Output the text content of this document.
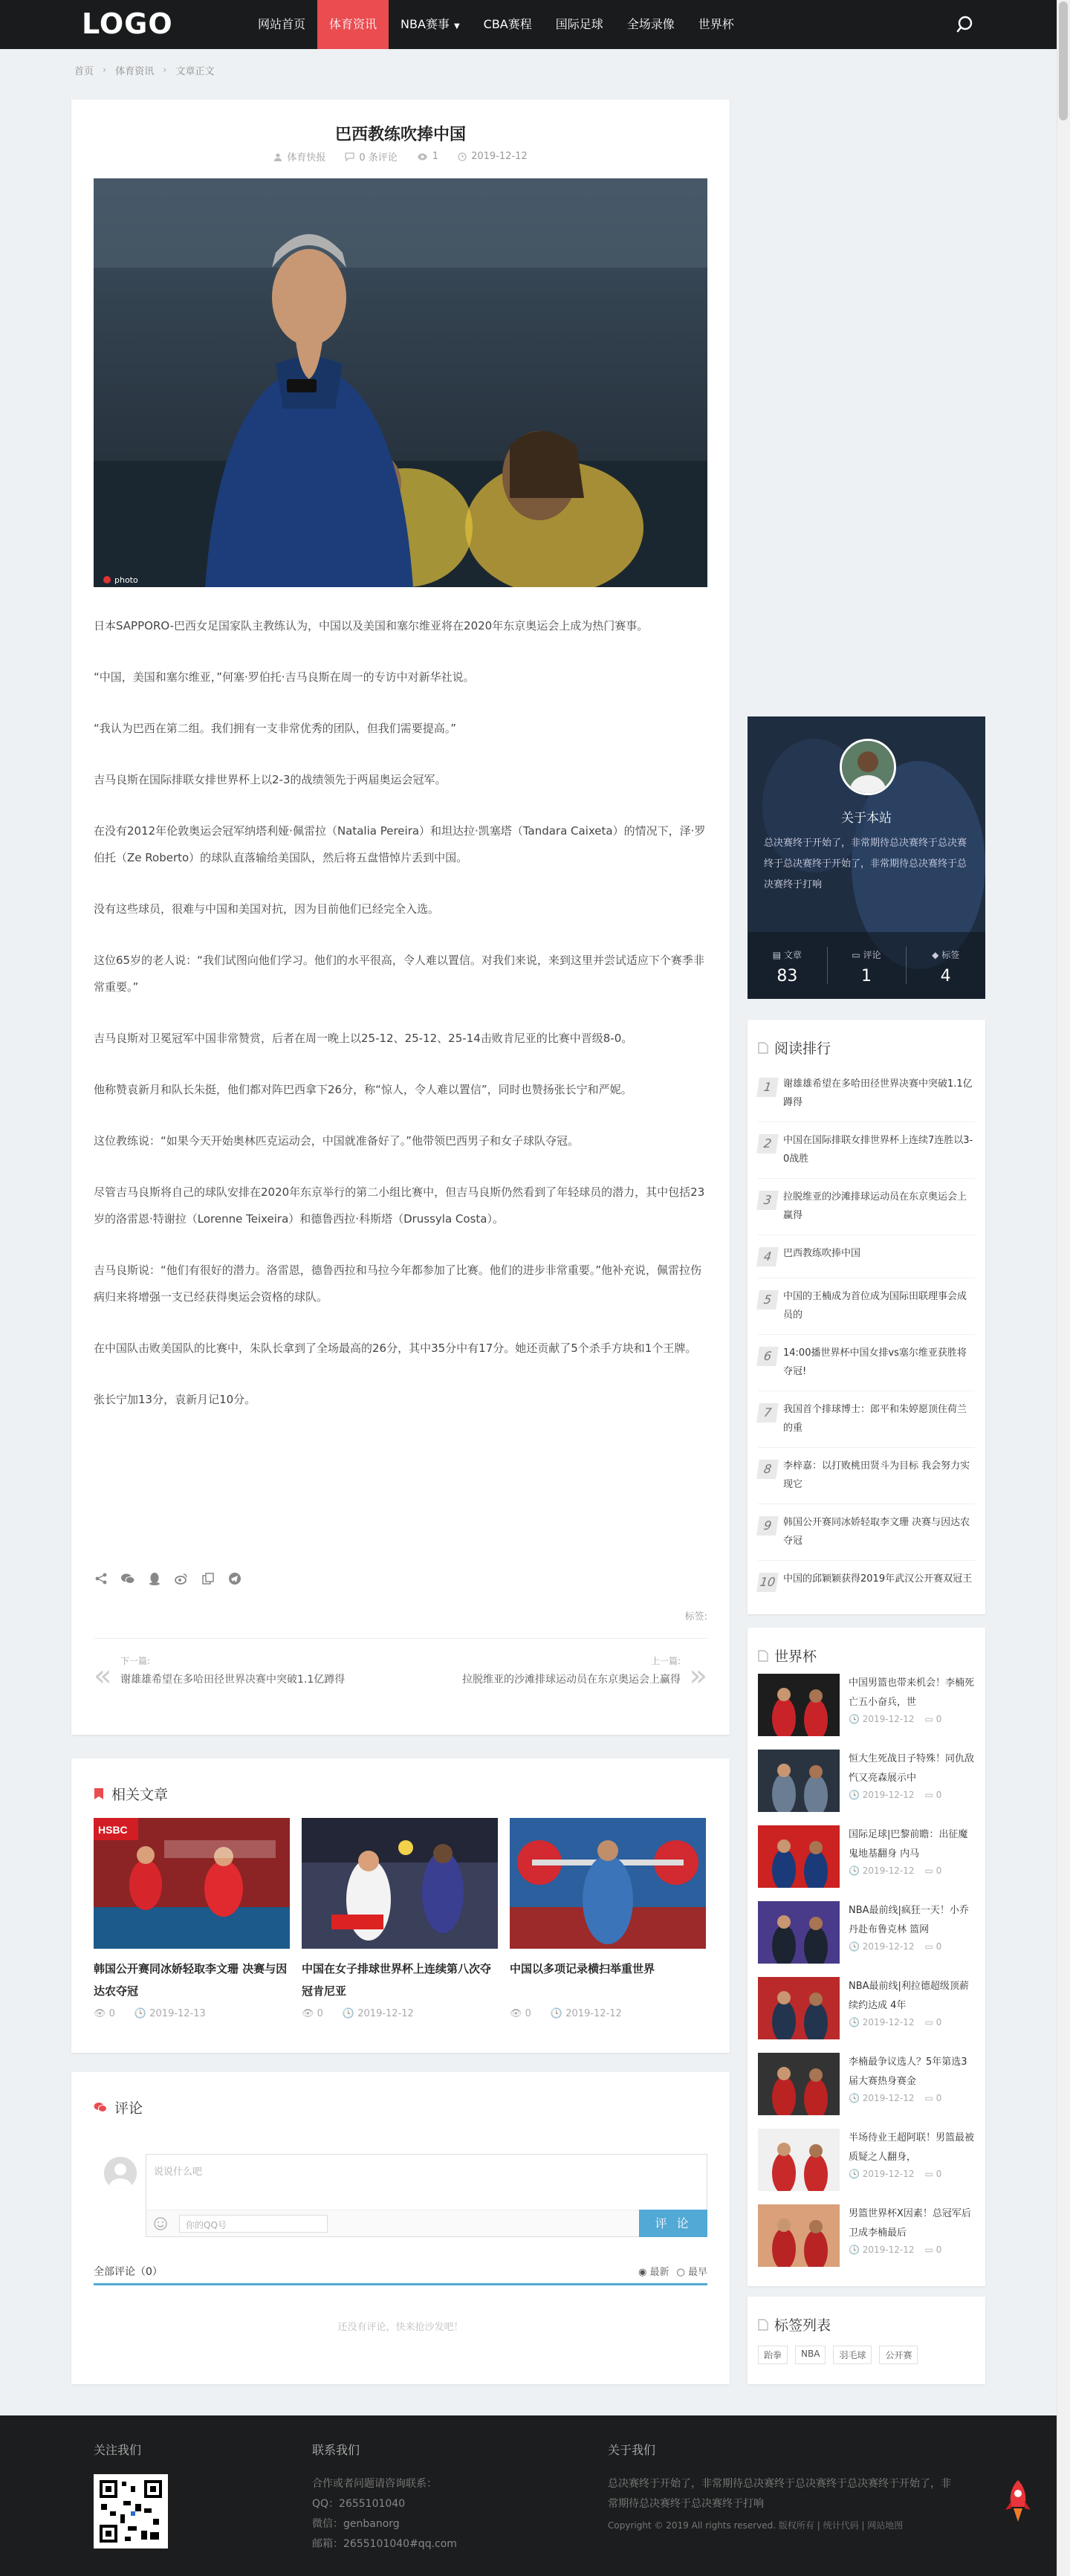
LOGO	网站首页	体育资讯	NBA赛事 ▼	CBA赛程	国际足球	全场录像	世界杯
首页 › 体育资讯 › 文章正文
巴西教练吹捧中国
体育快报	0 条评论	1	2019-12-12
photo

日本SAPPORO-巴西女足国家队主教练认为，中国以及美国和塞尔维亚将在2020年东京奥运会上成为热门赛事。

“中国，美国和塞尔维亚，”何塞·罗伯托·吉马良斯在周一的专访中对新华社说。

“我认为巴西在第二组。我们拥有一支非常优秀的团队，但我们需要提高。”

吉马良斯在国际排联女排世界杯上以2-3的战绩领先于两届奥运会冠军。

在没有2012年伦敦奥运会冠军纳塔利娅·佩雷拉（Natalia Pereira）和坦达拉·凯塞塔（Tandara Caixeta）的情况下，泽·罗伯托（Ze Roberto）的球队直落输给美国队，然后将五盘惜悼片丢到中国。

没有这些球员，很难与中国和美国对抗，因为目前他们已经完全入选。

这位65岁的老人说：“我们试图向他们学习。他们的水平很高，令人难以置信。对我们来说，来到这里并尝试适应下个赛季非常重要。”

吉马良斯对卫冕冠军中国非常赞赏，后者在周一晚上以25-12、25-12、25-14击败肯尼亚的比赛中晋级8-0。

他称赞袁新月和队长朱挺，他们都对阵巴西拿下26分，称“惊人，令人难以置信”，同时也赞扬张长宁和严妮。

这位教练说：“如果今天开始奥林匹克运动会，中国就准备好了。”他带领巴西男子和女子球队夺冠。

尽管吉马良斯将自己的球队安排在2020年东京举行的第二小组比赛中，但吉马良斯仍然看到了年轻球员的潜力，其中包括23岁的洛雷恩·特谢拉（Lorenne Teixeira）和德鲁西拉·科斯塔（Drussyla Costa）。

吉马良斯说：“他们有很好的潜力。洛雷恩，德鲁西拉和马拉今年都参加了比赛。他们的进步非常重要。”他补充说，佩雷拉伤病归来将增强一支已经获得奥运会资格的球队。

在中国队击败美国队的比赛中，朱队长拿到了全场最高的26分，其中35分中有17分。她还贡献了5个杀手方块和1个王牌。

张长宁加13分，袁新月记10分。

标签:
« 下一篇:
谢雄雄希望在多哈田径世界决赛中突破1.1亿蹲得	»
上一篇:
拉脱维亚的沙滩排球运动员在东京奥运会上赢得
相关文章
HSBC
韩国公开赛同冰娇轻取李文珊 决赛与因达农夺冠
👁 0 🕓 2019-12-13
中国在女子排球世界杯上连续第八次夺冠肯尼亚
👁 0 🕓 2019-12-12
中国以多项记录横扫举重世界
👁 0 🕓 2019-12-12
评论
说说什么吧
你的QQ号	评 论
全部评论（0）	◉ 最新 ○ 最早
还没有评论，快来抢沙发吧！
关于本站
总决赛终于开始了，非常期待总决赛终于总决赛终于总决赛终于开始了，非常期待总决赛终于总决赛终于打响
▤ 文章
83
▭ 评论
1
◆ 标签
4
阅读排行
1	谢雄雄希望在多哈田径世界决赛中突破1.1亿蹲得
2	中国在国际排联女排世界杯上连续7连胜以3-0战胜
3	拉脱维亚的沙滩排球运动员在东京奥运会上赢得
4	巴西教练吹捧中国
5	中国的王楠成为首位成为国际田联理事会成员的
6	14:00播世界杯中国女排vs塞尔维亚获胜将夺冠!
7	我国首个排球博士：郎平和朱婷愿顶住荷兰的重
8	李梓嘉：以打败桃田贤斗为目标 我会努力实现它
9	韩国公开赛同冰娇轻取李文珊 决赛与因达农夺冠
10 中国的邱颖颖获得2019年武汉公开赛双冠王
世界杯
中国男篮也带来机会！李楠死亡五小奋兵，世
🕓 2019-12-12 ▭ 0
恒大生死战日子特殊！同仇敌忾又亮森展示中
🕓 2019-12-12 ▭ 0
国际足球|巴黎前瞻：出征魔鬼地基翻身 内马
🕓 2019-12-12 ▭ 0
NBA最前线|疯狂一天！小乔丹赴布鲁克林 篮网
🕓 2019-12-12 ▭ 0
NBA最前线|利拉德超级顶薪续约达成 4年
🕓 2019-12-12 ▭ 0
李楠最争议选人？5年第选3届大赛热身赛金
🕓 2019-12-12 ▭ 0
半场待业王超阿联！男篮最被质疑之人翻身，
🕓 2019-12-12 ▭ 0
男篮世界杯X因素！总冠军后卫成李楠最后
🕓 2019-12-12 ▭ 0
标签列表
跆拳	NBA	羽毛球	公开赛
关注我们	联系我们
合作或者问题请咨询联系：
QQ：2655101040
微信：genbanorg
邮箱：2655101040#qq.com
关于我们
总决赛终于开始了，非常期待总决赛终于总决赛终于总决赛终于开始了，非常期待总决赛终于总决赛终于打响
Copyright © 2019 All rights reserved. 版权所有 | 统计代码 | 网站地图
